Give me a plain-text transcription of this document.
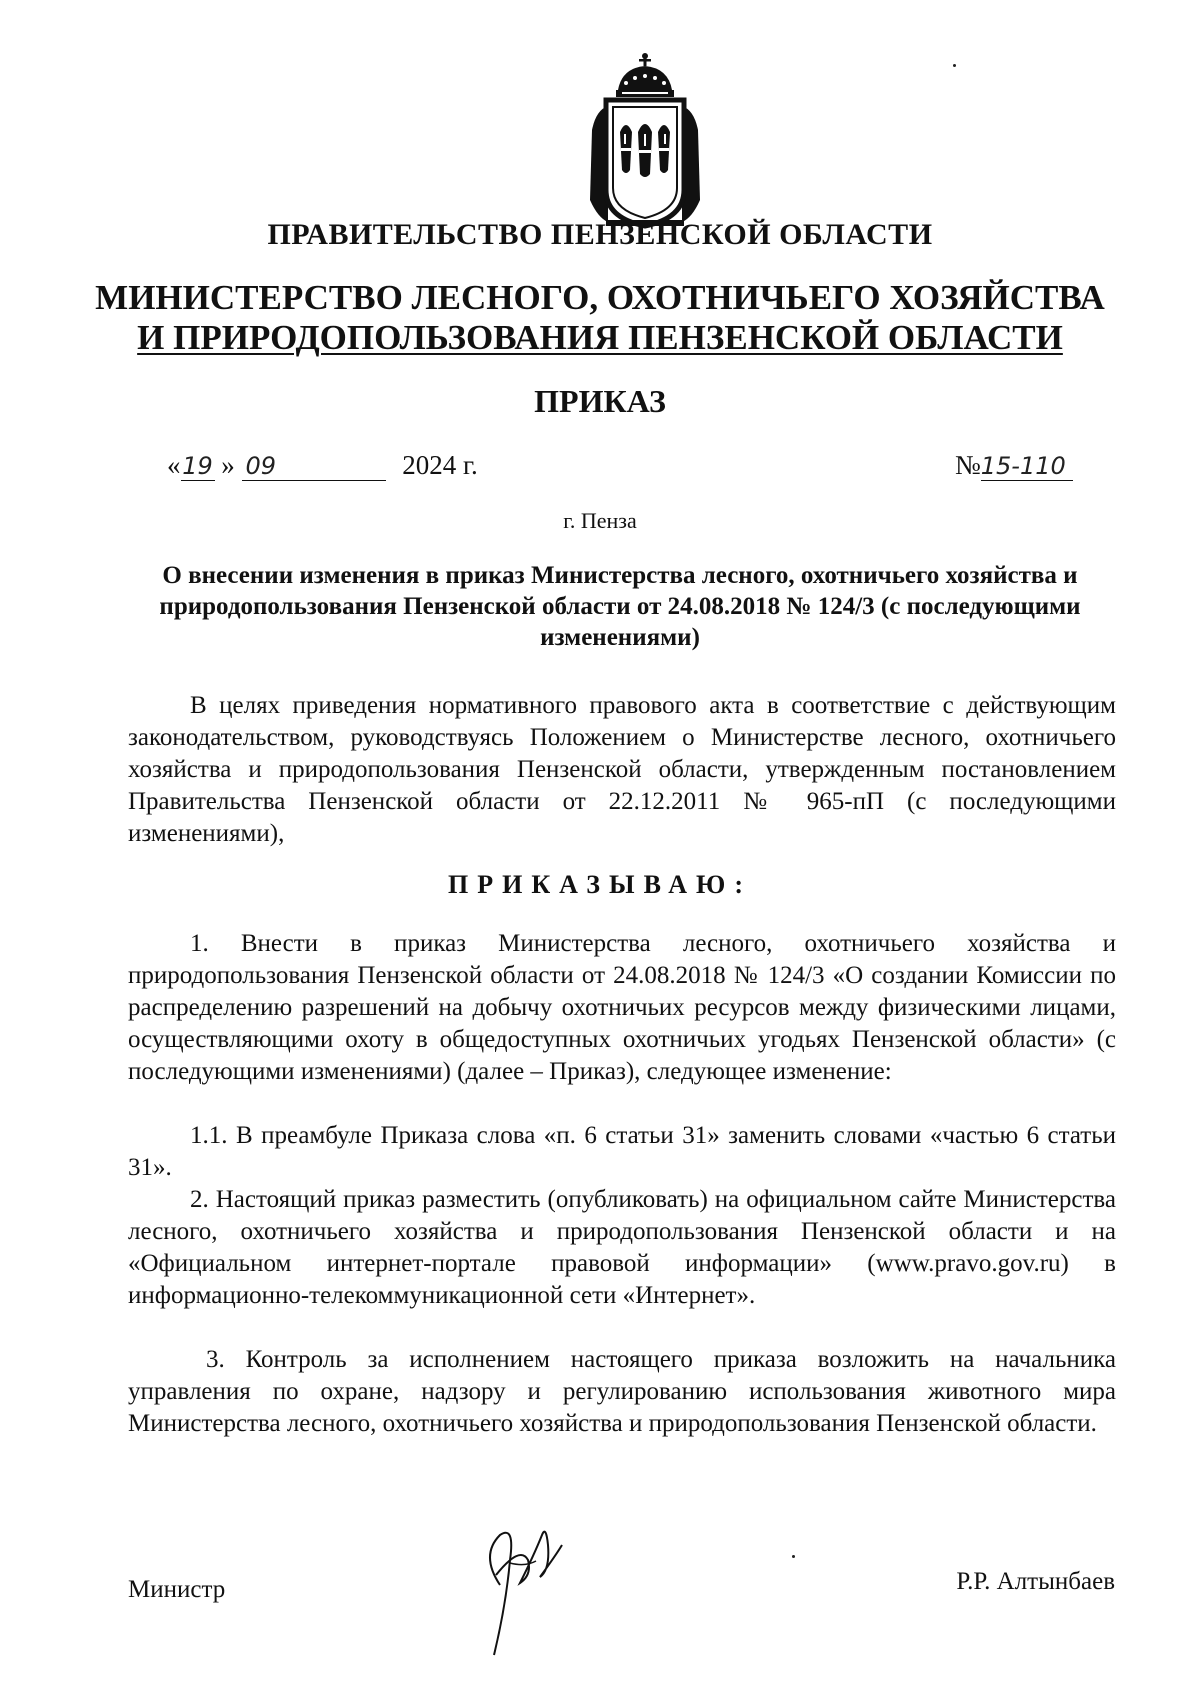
ПРАВИТЕЛЬСТВО ПЕНЗЕНСКОЙ ОБЛАСТИ
МИНИСТЕРСТВО ЛЕСНОГО, ОХОТНИЧЬЕГО ХОЗЯЙСТВА
И ПРИРОДОПОЛЬЗОВАНИЯ ПЕНЗЕНСКОЙ ОБЛАСТИ
ПРИКАЗ
«19 » 09	2024 г.	№15-110
г. Пенза
О внесении изменения в приказ Министерства лесного, охотничьего хозяйства и природопользования Пензенской области от 24.08.2018 № 124/3 (с последующими изменениями)
В целях приведения нормативного правового акта в соответствие с действующим законодательством, руководствуясь Положением о Министерстве лесного, охотничьего хозяйства и природопользования Пензенской области, утвержденным постановлением Правительства Пензенской области от 22.12.2011 № 965-пП (с последующими изменениями),
ПРИКАЗЫВАЮ:
1. Внести в приказ Министерства лесного, охотничьего хозяйства и природопользования Пензенской области от 24.08.2018 № 124/3 «О создании Комиссии по распределению разрешений на добычу охотничьих ресурсов между физическими лицами, осуществляющими охоту в общедоступных охотничьих угодьях Пензенской области» (с последующими изменениями) (далее – Приказ), следующее изменение:
1.1. В преамбуле Приказа слова «п. 6 статьи 31» заменить словами «частью 6 статьи 31».
2. Настоящий приказ разместить (опубликовать) на официальном сайте Министерства лесного, охотничьего хозяйства и природопользования Пензенской области и на «Официальном интернет-портале правовой информации» (www.pravo.gov.ru) в информационно-телекоммуникационной сети «Интернет».
3. Контроль за исполнением настоящего приказа возложить на начальника управления по охране, надзору и регулированию использования животного мира Министерства лесного, охотничьего хозяйства и природопользования Пензенской области.
Министр	Р.Р. Алтынбаев
